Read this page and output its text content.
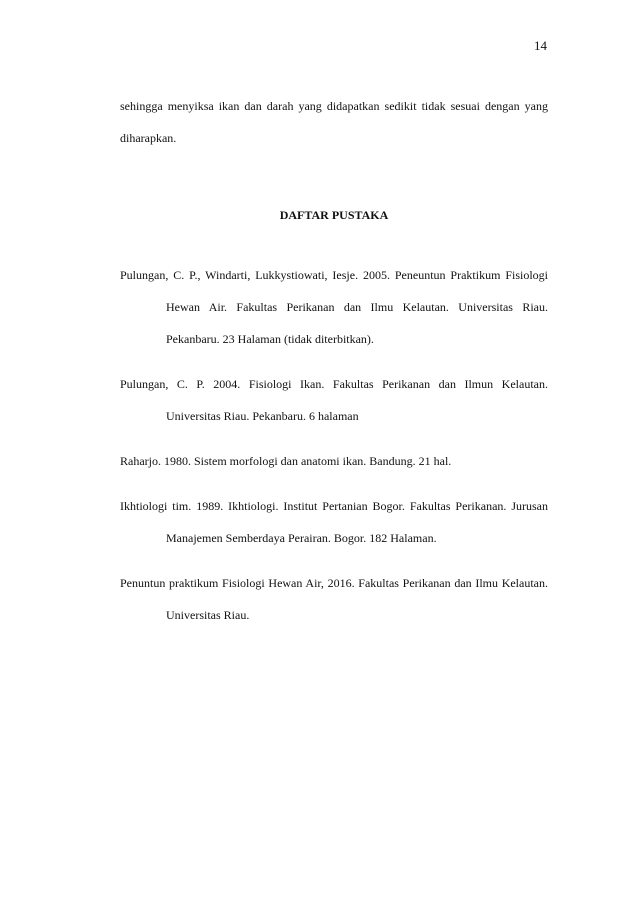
14

sehingga menyiksa ikan dan darah yang didapatkan sedikit tidak sesuai dengan yang diharapkan.

DAFTAR PUSTAKA

Pulungan, C. P., Windarti, Lukkystiowati, Iesje. 2005. Peneuntun Praktikum Fisiologi Hewan Air. Fakultas Perikanan dan Ilmu Kelautan. Universitas Riau. Pekanbaru. 23 Halaman (tidak diterbitkan).

Pulungan, C. P. 2004. Fisiologi Ikan. Fakultas Perikanan dan Ilmun Kelautan. Universitas Riau. Pekanbaru. 6 halaman

Raharjo. 1980. Sistem morfologi dan anatomi ikan. Bandung. 21 hal.

Ikhtiologi tim. 1989. Ikhtiologi. Institut Pertanian Bogor. Fakultas Perikanan. Jurusan Manajemen Semberdaya Perairan. Bogor. 182 Halaman.

Penuntun praktikum Fisiologi Hewan Air, 2016. Fakultas Perikanan dan Ilmu Kelautan. Universitas Riau.
